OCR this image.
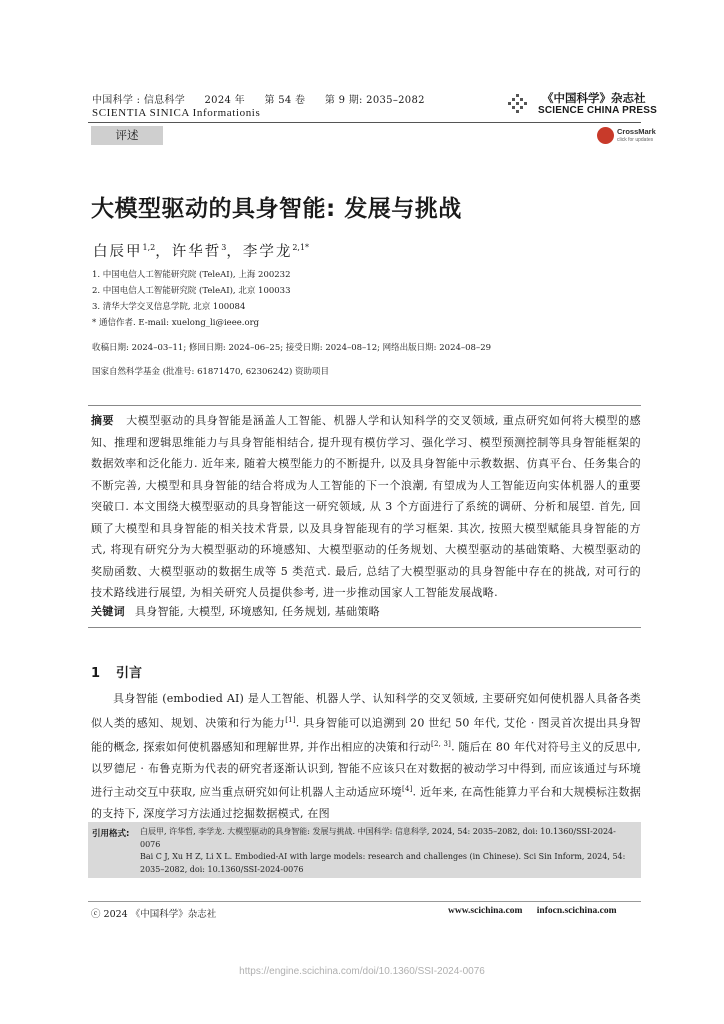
中国科学 : 信息科学 2024 年 第 54 卷 第 9 期: 2035–2082
SCIENTIA SINICA Informationis
评述
《中国科学》杂志社
SCIENCE CHINA PRESS
CrossMark
click for updates
大模型驱动的具身智能: 发展与挑战
白辰甲$^{1,2}$，许华哲$^3$，李学龙$^{2,1*}$
1. 中国电信人工智能研究院 (TeleAI), 上海 200232
2. 中国电信人工智能研究院 (TeleAI), 北京 100033
3. 清华大学交叉信息学院, 北京 100084
* 通信作者. E-mail: xuelong_li@ieee.org
收稿日期: 2024–03–11; 修回日期: 2024–06–25; 接受日期: 2024–08–12; 网络出版日期: 2024–08–29
国家自然科学基金 (批准号: 61871470, 62306242) 资助项目
摘要 大模型驱动的具身智能是涵盖人工智能、机器人学和认知科学的交叉领域, 重点研究如何将大模型的感知、推理和逻辑思维能力与具身智能相结合, 提升现有模仿学习、强化学习、模型预测控制等具身智能框架的数据效率和泛化能力. 近年来, 随着大模型能力的不断提升, 以及具身智能中示教数据、仿真平台、任务集合的不断完善, 大模型和具身智能的结合将成为人工智能的下一个浪潮, 有望成为人工智能迈向实体机器人的重要突破口. 本文围绕大模型驱动的具身智能这一研究领域, 从 3 个方面进行了系统的调研、分析和展望. 首先, 回顾了大模型和具身智能的相关技术背景, 以及具身智能现有的学习框架. 其次, 按照大模型赋能具身智能的方式, 将现有研究分为大模型驱动的环境感知、大模型驱动的任务规划、大模型驱动的基础策略、大模型驱动的奖励函数、大模型驱动的数据生成等 5 类范式. 最后, 总结了大模型驱动的具身智能中存在的挑战, 对可行的技术路线进行展望, 为相关研究人员提供参考, 进一步推动国家人工智能发展战略.
关键词 具身智能, 大模型, 环境感知, 任务规划, 基础策略
1 引言
具身智能 (embodied AI) 是人工智能、机器人学、认知科学的交叉领域, 主要研究如何使机器人具备各类似人类的感知、规划、决策和行为能力[1]. 具身智能可以追溯到 20 世纪 50 年代, 艾伦 · 图灵首次提出具身智能的概念, 探索如何使机器感知和理解世界, 并作出相应的决策和行动[2, 3]. 随后在 80 年代对符号主义的反思中, 以罗德尼 · 布鲁克斯为代表的研究者逐渐认识到, 智能不应该只在对数据的被动学习中得到, 而应该通过与环境进行主动交互中获取, 应当重点研究如何让机器人主动适应环境[4]. 近年来, 在高性能算力平台和大规模标注数据的支持下, 深度学习方法通过挖掘数据模式, 在图
引用格式: 白辰甲, 许华哲, 李学龙. 大模型驱动的具身智能: 发展与挑战. 中国科学: 信息科学, 2024, 54: 2035–2082, doi: 10.1360/SSI-2024-0076
Bai C J, Xu H Z, Li X L. Embodied-AI with large models: research and challenges (in Chinese). Sci Sin Inform, 2024, 54: 2035–2082, doi: 10.1360/SSI-2024-0076
ⓒ 2024 《中国科学》杂志社	www.scichina.com infocn.scichina.com
https://engine.scichina.com/doi/10.1360/SSI-2024-0076
